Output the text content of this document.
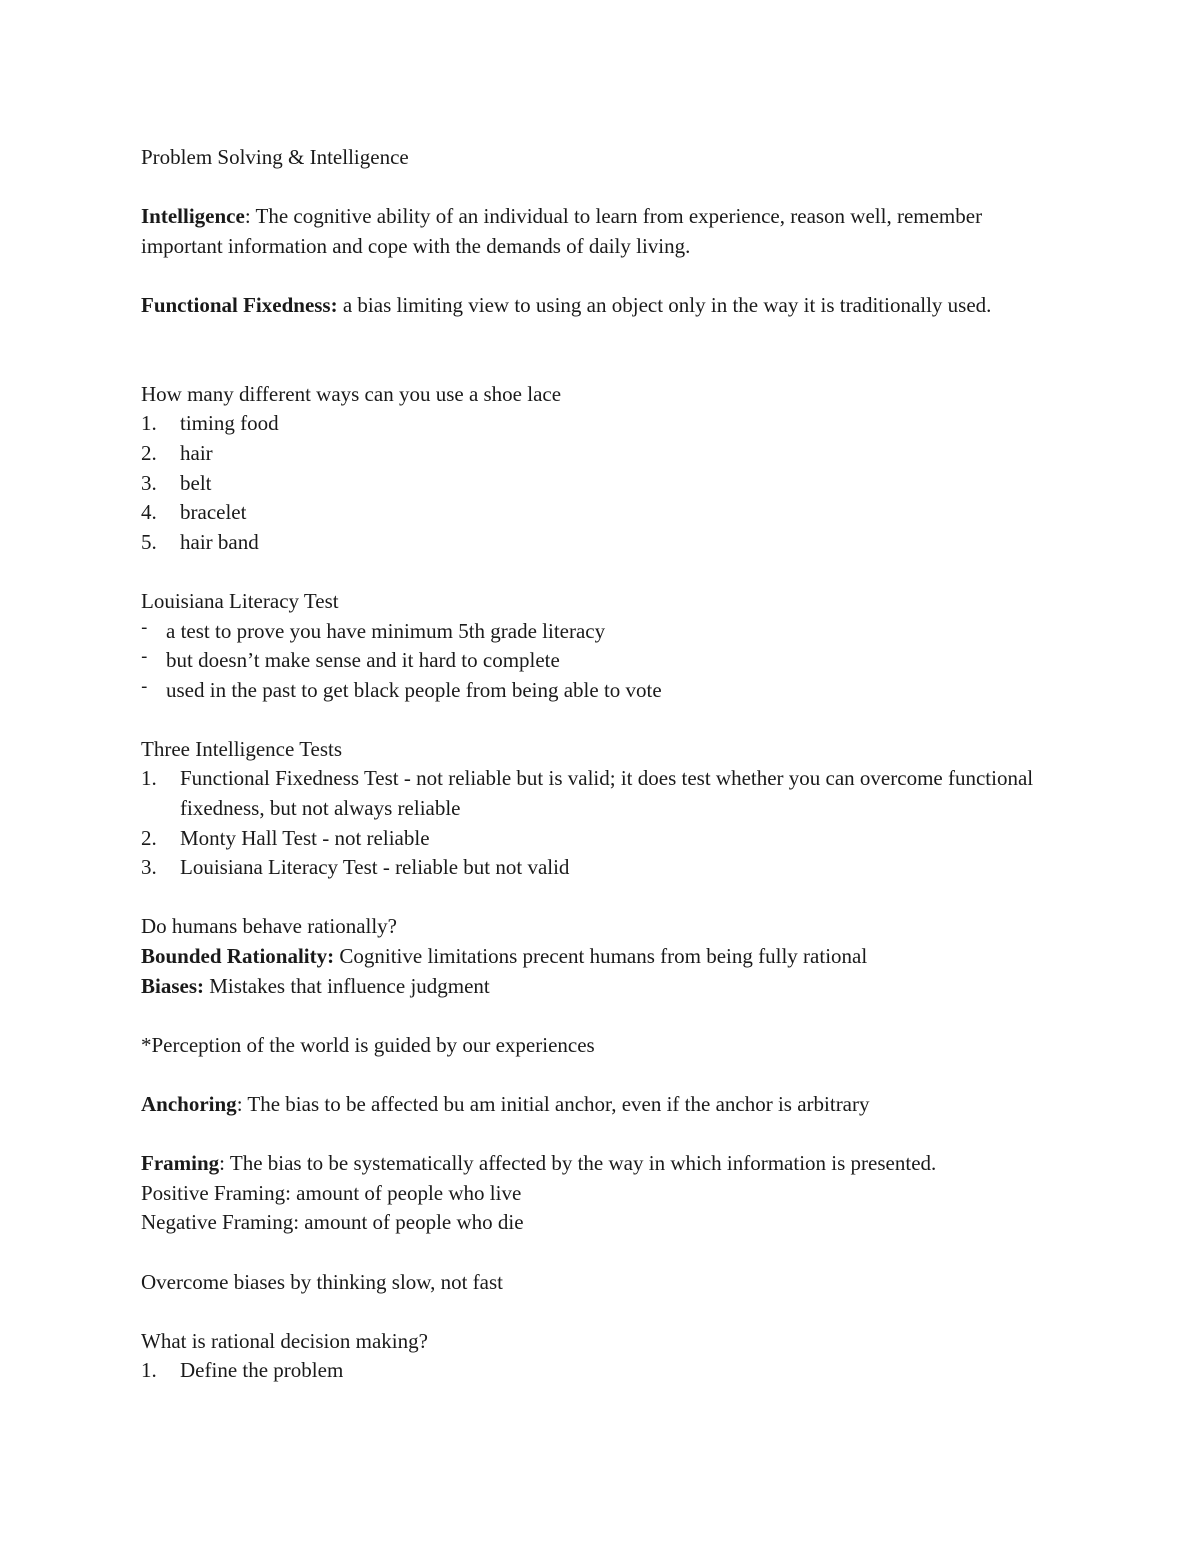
Problem Solving & Intelligence

Intelligence: The cognitive ability of an individual to learn from experience, reason well, remember important information and cope with the demands of daily living.

Functional Fixedness: a bias limiting view to using an object only in the way it is traditionally used.

How many different ways can you use a shoe lace

1.	timing food
2.	hair
3.	belt
4.	bracelet
5.	hair band

Louisiana Literacy Test

- a test to prove you have minimum 5th grade literacy
- but doesn’t make sense and it hard to complete
- used in the past to get black people from being able to vote

Three Intelligence Tests

1.	Functional Fixedness Test - not reliable but is valid; it does test whether you can overcome functional fixedness, but not always reliable
2.	Monty Hall Test - not reliable
3.	Louisiana Literacy Test - reliable but not valid

Do humans behave rationally?

Bounded Rationality: Cognitive limitations precent humans from being fully rational

Biases: Mistakes that influence judgment

*Perception of the world is guided by our experiences

Anchoring: The bias to be affected bu am initial anchor, even if the anchor is arbitrary

Framing: The bias to be systematically affected by the way in which information is presented.

Positive Framing: amount of people who live

Negative Framing: amount of people who die

Overcome biases by thinking slow, not fast

What is rational decision making?

1.	Define the problem
